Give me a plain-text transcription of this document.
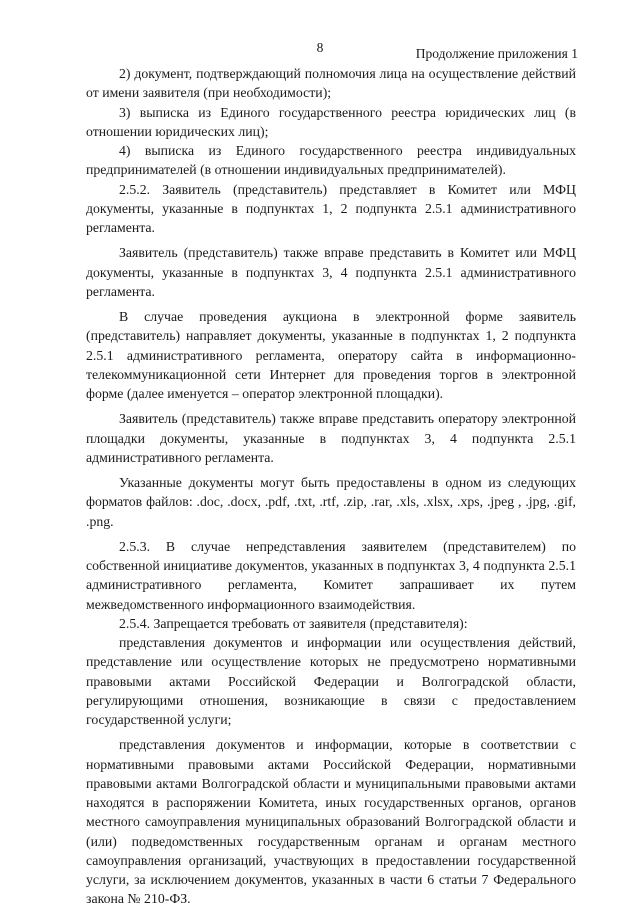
8	Продолжение приложения 1

2) документ, подтверждающий полномочия лица на осуществление действий от имени заявителя (при необходимости);

3) выписка из Единого государственного реестра юридических лиц (в отношении юридических лиц);

4) выписка из Единого государственного реестра индивидуальных предпринимателей (в отношении индивидуальных предпринимателей).

2.5.2. Заявитель (представитель) представляет в Комитет или МФЦ документы, указанные в подпунктах 1, 2 подпункта 2.5.1 административного регламента.

Заявитель (представитель) также вправе представить в Комитет или МФЦ документы, указанные в подпунктах 3, 4 подпункта 2.5.1 административного регламента.

В случае проведения аукциона в электронной форме заявитель (представитель) направляет документы, указанные в подпунктах 1, 2 подпункта 2.5.1 административного регламента, оператору сайта в информационно-телекоммуникационной сети Интернет для проведения торгов в электронной форме (далее именуется – оператор электронной площадки).

Заявитель (представитель) также вправе представить оператору электронной площадки документы, указанные в подпунктах 3, 4 подпункта 2.5.1 административного регламента.

Указанные документы могут быть предоставлены в одном из следующих форматов файлов: .doc, .docx, .pdf, .txt, .rtf, .zip, .rar, .xls, .xlsx, .xps, .jpeg , .jpg, .gif, .png.

2.5.3. В случае непредставления заявителем (представителем) по собственной инициативе документов, указанных в подпунктах 3, 4 подпункта 2.5.1 административного регламента, Комитет запрашивает их путем межведомственного информационного взаимодействия.

2.5.4. Запрещается требовать от заявителя (представителя):

представления документов и информации или осуществления действий, представление или осуществление которых не предусмотрено нормативными правовыми актами Российской Федерации и Волгоградской области, регулирующими отношения, возникающие в связи с предоставлением государственной услуги;

представления документов и информации, которые в соответствии с нормативными правовыми актами Российской Федерации, нормативными правовыми актами Волгоградской области и муниципальными правовыми актами находятся в распоряжении Комитета, иных государственных органов, органов местного самоуправления муниципальных образований Волгоградской области и (или) подведомственных государственным органам и органам местного самоуправления организаций, участвующих в предоставлении государственной услуги, за исключением документов, указанных в части 6 статьи 7 Федерального закона № 210-ФЗ.
